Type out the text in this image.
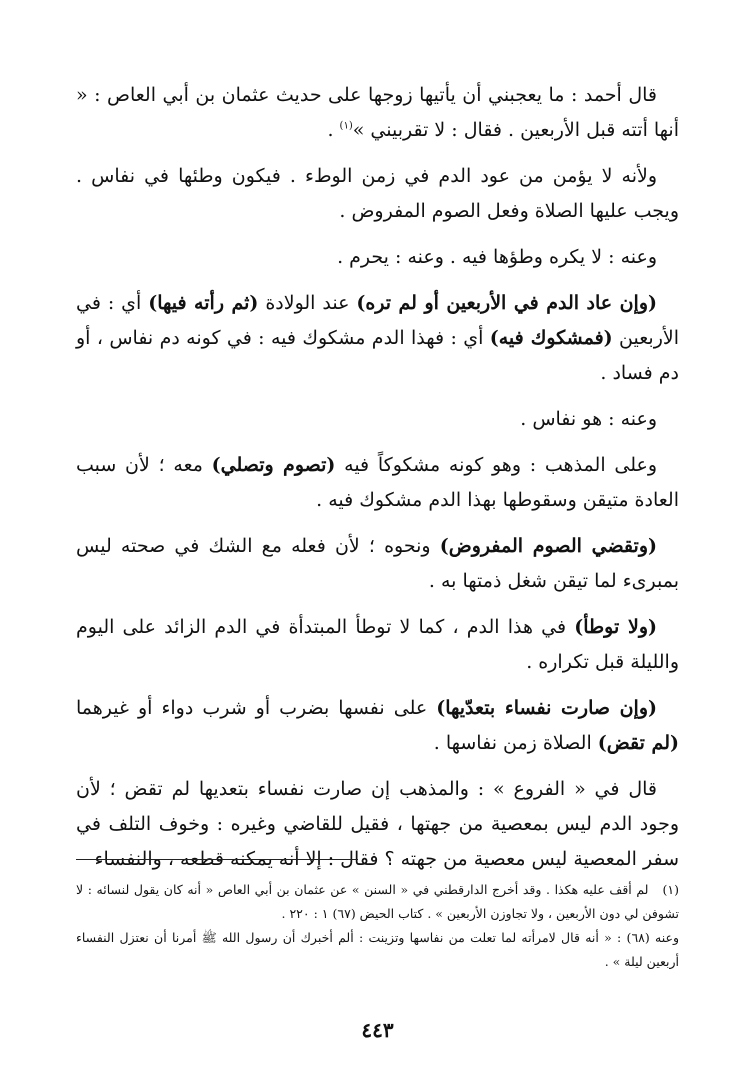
قال أحمد : ما يعجبني أن يأتيها زوجها على حديث عثمان بن أبي العاص : « أنها أتته قبل الأربعين . فقال : لا تقربيني »$^{(١)}$ .

ولأنه لا يؤمن من عود الدم في زمن الوطء . فيكون وطئها في نفاس . ويجب عليها الصلاة وفعل الصوم المفروض .

وعنه : لا يكره وطؤها فيه . وعنه : يحرم .

(وإن عاد الدم في الأربعين أو لم تره) عند الولادة (ثم رأته فيها) أي : في الأربعين (فمشكوك فيه) أي : فهذا الدم مشكوك فيه : في كونه دم نفاس ، أو دم فساد .

وعنه : هو نفاس .

وعلى المذهب : وهو كونه مشكوكاً فيه (تصوم وتصلي) معه ؛ لأن سبب العادة متيقن وسقوطها بهذا الدم مشكوك فيه .

(وتقضي الصوم المفروض) ونحوه ؛ لأن فعله مع الشك في صحته ليس بمبرىء لما تيقن شغل ذمتها به .

(ولا توطأ) في هذا الدم ، كما لا توطأ المبتدأة في الدم الزائد على اليوم والليلة قبل تكراره .

(وإن صارت نفساء بتعدّيها) على نفسها بضرب أو شرب دواء أو غيرهما (لم تقض) الصلاة زمن نفاسها .

قال في « الفروع » : والمذهب إن صارت نفساء بتعديها لم تقض ؛ لأن وجود الدم ليس بمعصية من جهتها ، فقيل للقاضي وغيره : وخوف التلف في سفر المعصية ليس معصية من جهته ؟ فقال : إلا أنه يمكنه قطعه ، والنفساء

(١)لم أقف عليه هكذا . وقد أخرج الدارقطني في « السنن » عن عثمان بن أبي العاص « أنه كان يقول لنسائه : لا تشوفن لي دون الأربعين ، ولا تجاوزن الأربعين » . كتاب الحيض (٦٧) ١ : ٢٢٠ .
وعنه (٦٨) : « أنه قال لامرأته لما تعلت من نفاسها وتزينت : ألم أخبرك أن رسول الله ﷺ أمرنا أن نعتزل النفساء أربعين ليلة » .
٤٤٣
